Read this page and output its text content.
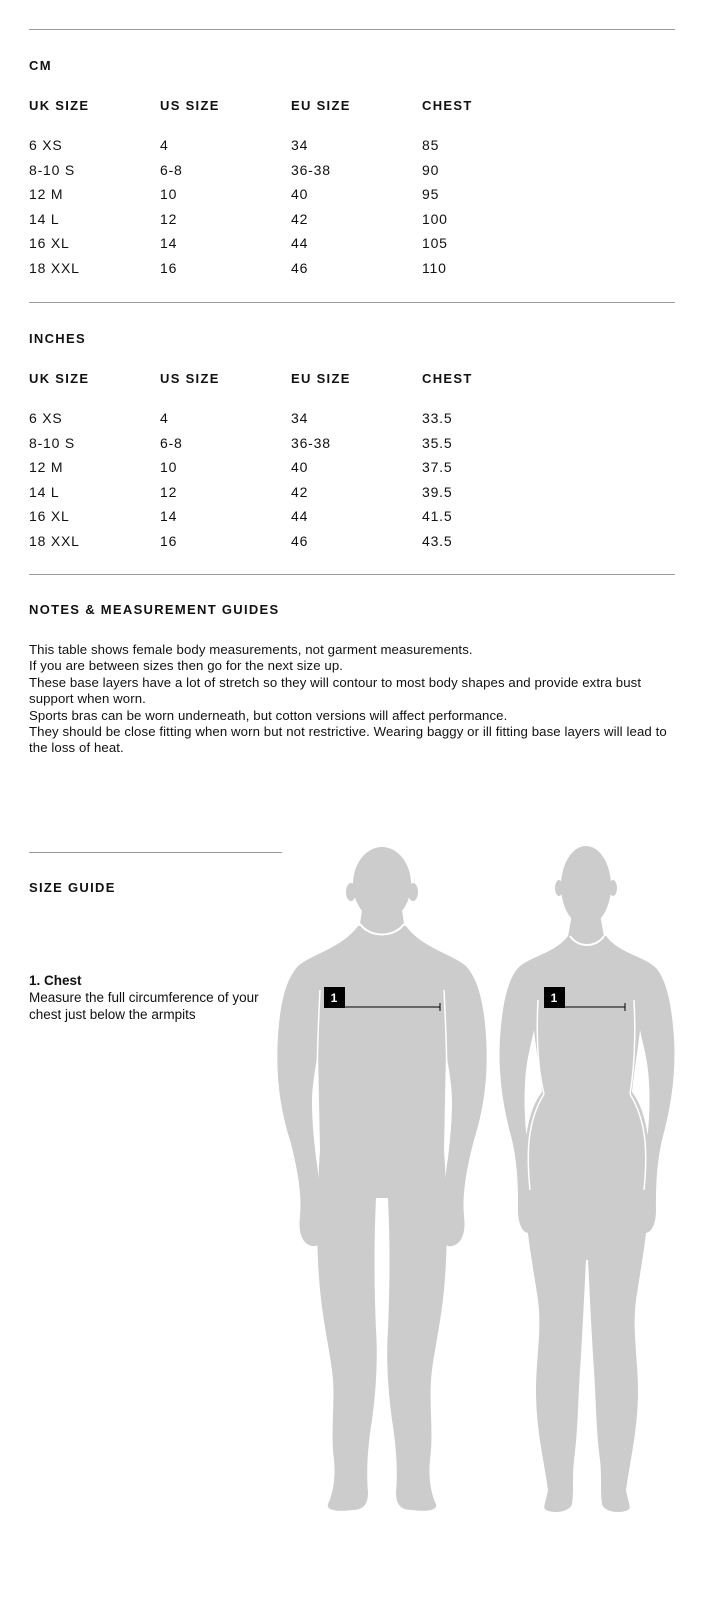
CM
UK SIZE	US SIZE	EU SIZE	CHEST
6 XS	4	34	85
8-10 S	6-8	36-38	90
12 M	10	40	95
14 L	12	42	100
16 XL	14	44	105
18 XXL	16	46	110
INCHES
UK SIZE	US SIZE	EU SIZE	CHEST
6 XS	4	34	33.5
8-10 S	6-8	36-38	35.5
12 M	10	40	37.5
14 L	12	42	39.5
16 XL	14	44	41.5
18 XXL	16	46	43.5
NOTES & MEASUREMENT GUIDES

This table shows female body measurements, not garment measurements.

If you are between sizes then go for the next size up.

These base layers have a lot of stretch so they will contour to most body shapes and provide extra bust support when worn.

Sports bras can be worn underneath, but cotton versions will affect performance.

They should be close fitting when worn but not restrictive. Wearing baggy or ill fitting base layers will lead to the loss of heat.

SIZE GUIDE
1. Chest
Measure the full circumference of your chest just below the armpits
1	1
